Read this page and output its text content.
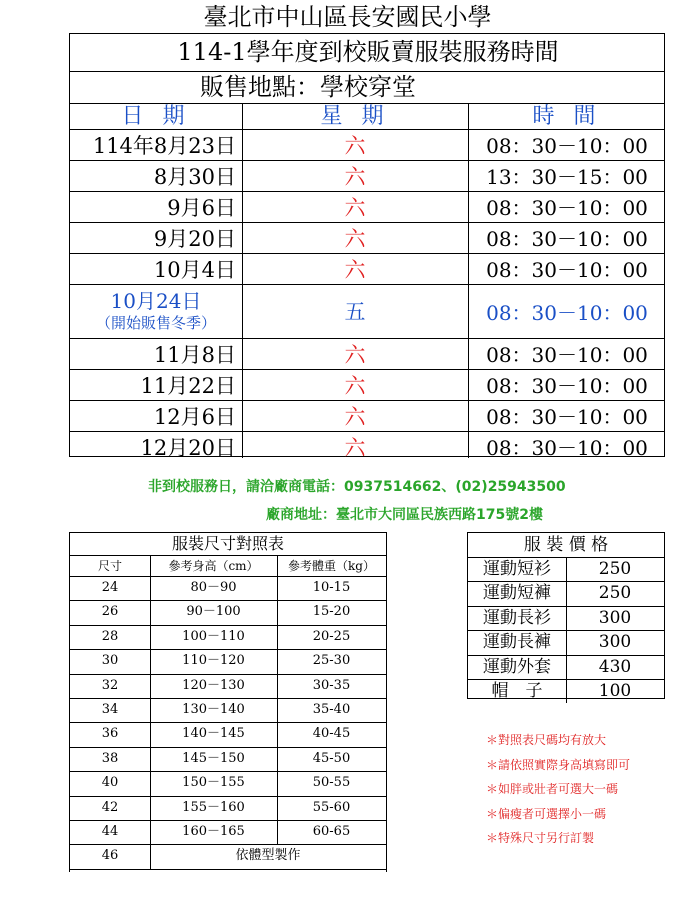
臺北市中山區長安國民小學
114-1學年度到校販賣服裝服務時間
販售地點：學校穿堂
日 期	星 期	時 間
114年8月23日	六	08：30－10：00
8月30日	六	13：30－15：00
9月6日	六	08：30－10：00
9月20日	六	08：30－10：00
10月4日	六	08：30－10：00
10月24日
（開始販售冬季）	五	08：30－10：00
11月8日	六	08：30－10：00
11月22日	六	08：30－10：00
12月6日	六	08：30－10：00
12月20日	六	08：30－10：00
非到校服務日，請洽廠商電話：0937514662、(02)25943500
廠商地址：臺北市大同區民族西路175號2樓
服裝尺寸對照表
尺寸	參考身高（cm）	參考體重（kg）
24	80－90	10-15
26	90－100	15-20
28	100－110	20-25
30	110－120	25-30
32	120－130	30-35
34	130－140	35-40
36	140－145	40-45
38	145－150	45-50
40	150－155	50-55
42	155－160	55-60
44	160－165	60-65
46	依體型製作
服 裝 價 格
運動短衫	250
運動短褲	250
運動長衫	300
運動長褲	300
運動外套	430
帽　子	100
＊對照表尺碼均有放大
＊請依照實際身高填寫即可
＊如胖或壯者可選大一碼
＊偏瘦者可選擇小一碼
＊特殊尺寸另行訂製
